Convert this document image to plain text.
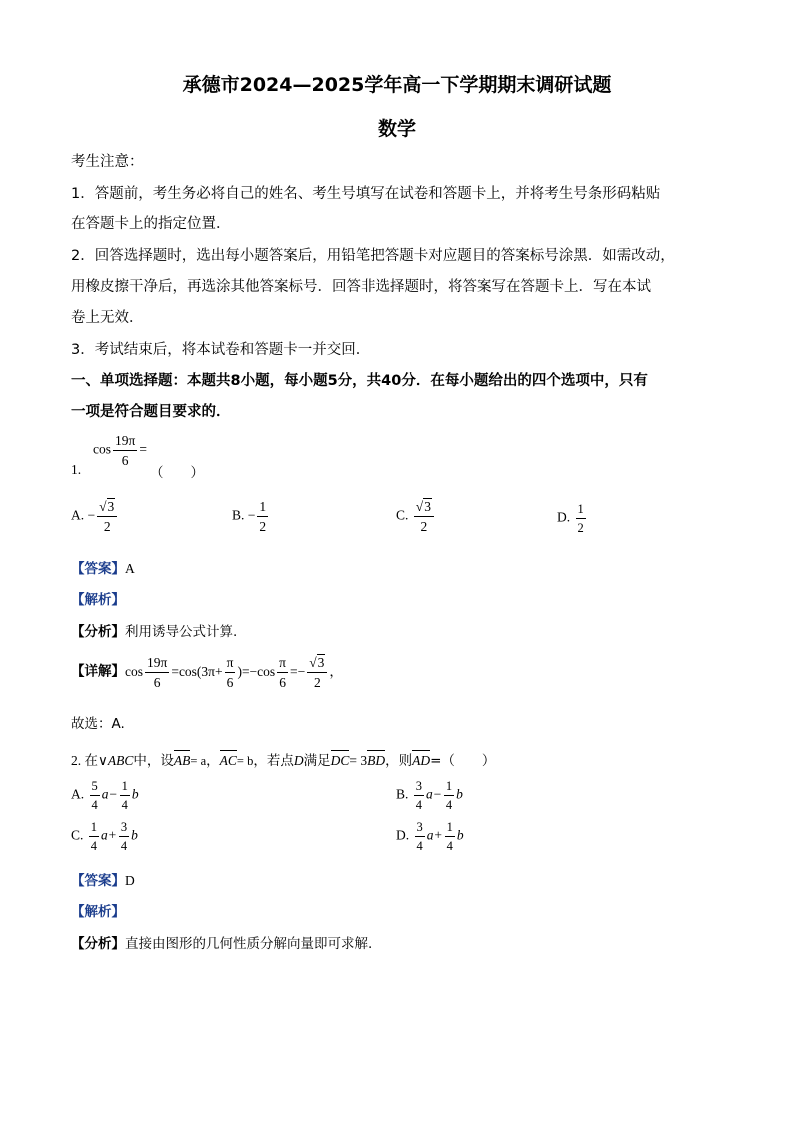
承德市2024—2025学年高一下学期期末调研试题
数学
考生注意：
1．答题前，考生务必将自己的姓名、考生号填写在试卷和答题卡上，并将考生号条形码粘贴
在答题卡上的指定位置．
2．回答选择题时，选出每小题答案后，用铅笔把答题卡对应题目的答案标号涂黑．如需改动，
用橡皮擦干净后，再选涂其他答案标号．回答非选择题时，将答案写在答题卡上．写在本试
卷上无效．
3．考试结束后，将本试卷和答题卡一并交回．
一、单项选择题：本题共8小题，每小题5分，共40分．在每小题给出的四个选项中，只有
一项是符合题目要求的．
$\cos \frac{19\pi}{6}$ =
1.	（　　）
A. − $\frac{√3}{2}$	B. − $\frac{1}{2}$	C. $\frac{√3}{2}$	D. $\frac{1}{2}$
【答案】A
【解析】
【分析】利用诱导公式计算.
【详解】$\cos \frac{19\pi}{6} =\cos(3\pi+ \frac{\pi}{6} )=-\cos \frac{\pi}{6} =- \frac{√3}{2}$ ，
故选：A.
2. 在∨ABC中，设AB= a，AC= b，若点D满足DC= 3BD，则AD=（　　）
A. $\frac{5}{4} a- \frac{1}{4}$ b	B. $\frac{3}{4} a- \frac{1}{4}$ b
C. $\frac{1}{4} a+ \frac{3}{4}$ b	D. $\frac{3}{4} a+ \frac{1}{4}$ b
【答案】D
【解析】
【分析】直接由图形的几何性质分解向量即可求解.
